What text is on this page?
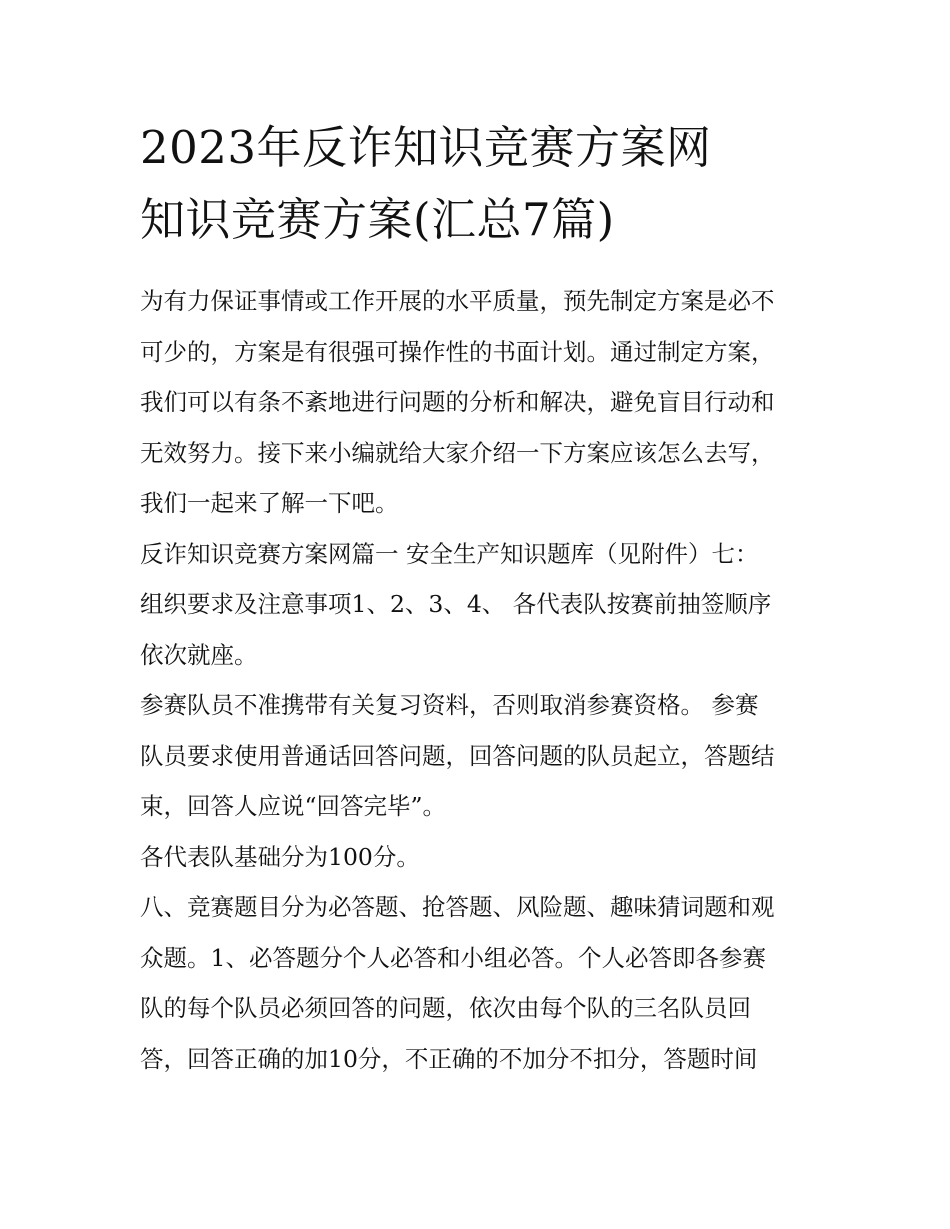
2023年反诈知识竞赛方案网
知识竞赛方案(汇总7篇)

为有力保证事情或工作开展的水平质量，预先制定方案是必不
可少的，方案是有很强可操作性的书面计划。通过制定方案，
我们可以有条不紊地进行问题的分析和解决，避免盲目行动和
无效努力。接下来小编就给大家介绍一下方案应该怎么去写，
我们一起来了解一下吧。

反诈知识竞赛方案网篇一 安全生产知识题库（见附件）七：
组织要求及注意事项1、2、3、4、 各代表队按赛前抽签顺序
依次就座。

参赛队员不准携带有关复习资料，否则取消参赛资格。 参赛
队员要求使用普通话回答问题，回答问题的队员起立，答题结
束，回答人应说“回答完毕”。

各代表队基础分为100分。

八、竞赛题目分为必答题、抢答题、风险题、趣味猜词题和观
众题。1、必答题分个人必答和小组必答。个人必答即各参赛
队的每个队员必须回答的问题，依次由每个队的三名队员回
答，回答正确的加10分，不正确的不加分不扣分，答题时间
